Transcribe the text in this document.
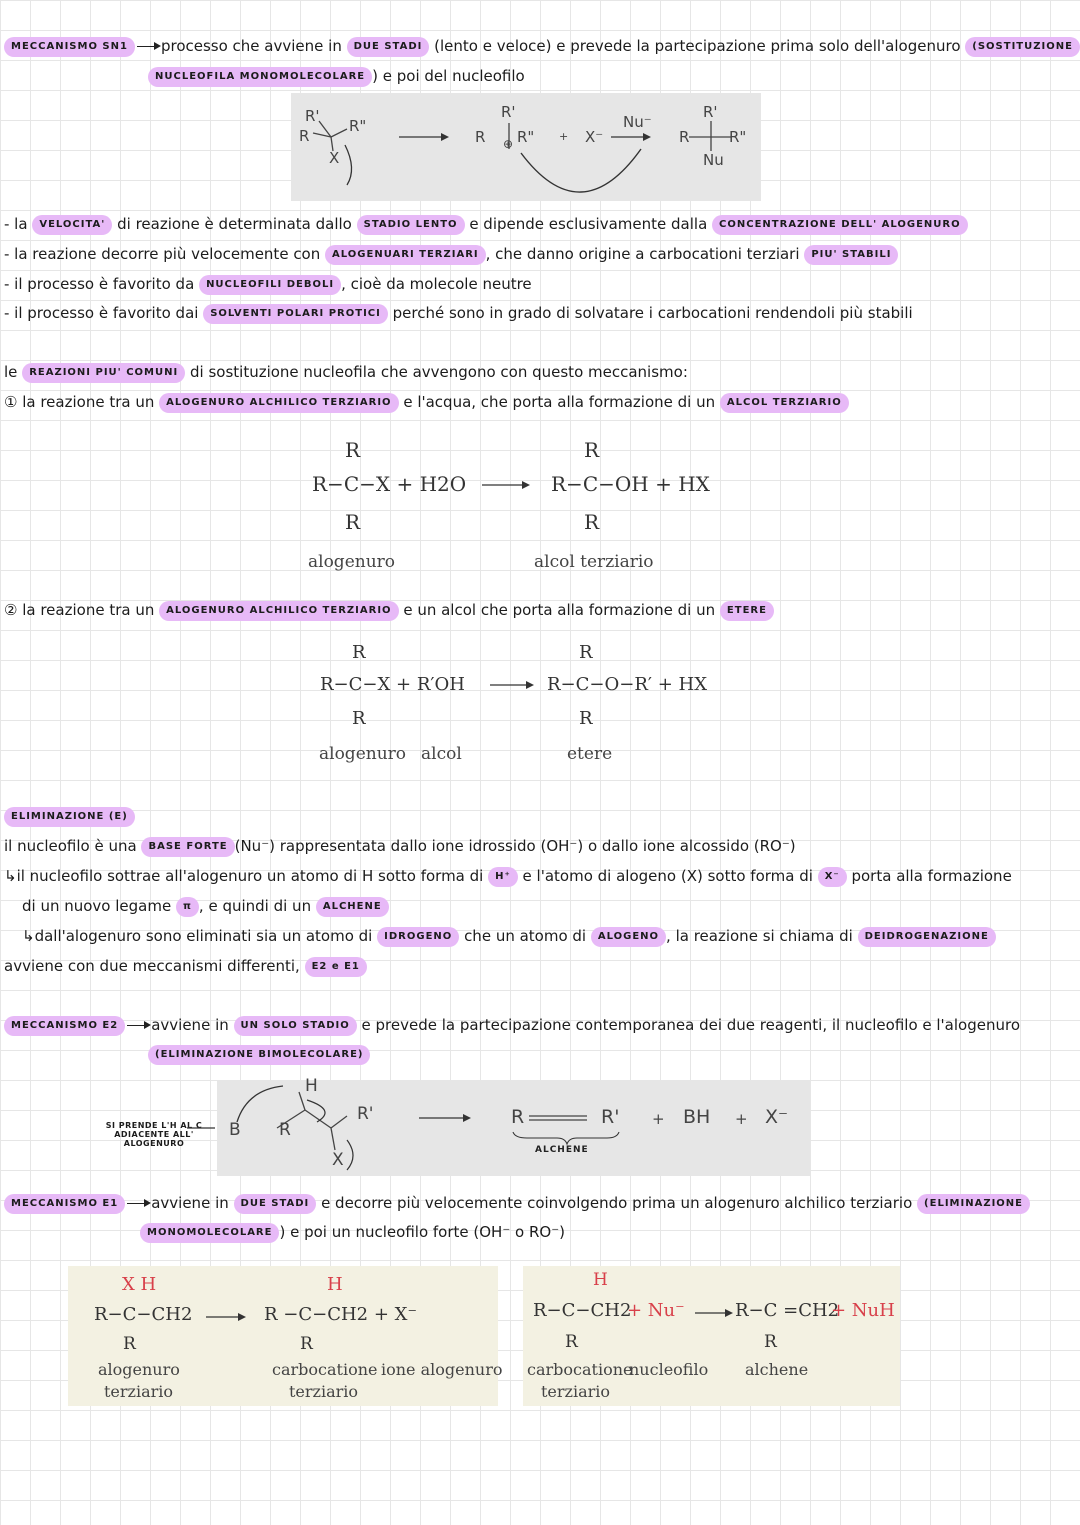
MECCANISMO SN1 processo che avviene in DUE STADI (lento e veloce) e prevede la partecipazione prima solo dell'alogenuro (SOSTITUZIONE
NUCLEOFILA MONOMOLECOLARE ) e poi del nucleofilo
R'
R
R"
X
R'
R R"
⊕
+ X⁻
Nu⁻
R'
R	R"
Nu
- la VELOCITA' di reazione è determinata dallo STADIO LENTO e dipende esclusivamente dalla CONCENTRAZIONE DELL' ALOGENURO
- la reazione decorre più velocemente con ALOGENUARI TERZIARI , che danno origine a carbocationi terziari PIU' STABILI
- il processo è favorito da NUCLEOFILI DEBOLI , cioè da molecole neutre
- il processo è favorito dai SOLVENTI POLARI PROTICI perché sono in grado di solvatare i carbocationi rendendoli più stabili
le REAZIONI PIU' COMUNI di sostituzione nucleofila che avvengono con questo meccanismo:
① la reazione tra un ALOGENURO ALCHILICO TERZIARIO e l'acqua, che porta alla formazione di un ALCOL TERZIARIO
R
R−C−X + H2O
R
R
R−C−OH + HX
R
alogenuro	alcol terziario
② la reazione tra un ALOGENURO ALCHILICO TERZIARIO e un alcol che porta alla formazione di un ETERE
R
R−C−X + R′OH
R
R
R−C−O−R′ + HX
R
alogenuro alcol	etere
ELIMINAZIONE (E)
il nucleofilo è una BASE FORTE (Nu⁻) rappresentata dallo ione idrossido (OH⁻) o dallo ione alcossido (RO⁻)
↳il nucleofilo sottrae all'alogenuro un atomo di H sotto forma di H⁺ e l'atomo di alogeno (X) sotto forma di X⁻ porta alla formazione
di un nuovo legame π , e quindi di un ALCHENE
↳dall'alogenuro sono eliminati sia un atomo di IDROGENO che un atomo di ALOGENO , la reazione si chiama di DEIDROGENAZIONE
avviene con due meccanismi differenti, E2 e E1
MECCANISMO E2 avviene in UN SOLO STADIO e prevede la partecipazione contemporanea dei due reagenti, il nucleofilo e l'alogenuro
(ELIMINAZIONE BIMOLECOLARE)
SI PRENDE L'H AL C ADIACENTE ALL' ALOGENURO
B R
H
R'
X
R	R' + BH + X⁻
ALCHENE
MECCANISMO E1 avviene in DUE STADI e decorre più velocemente coinvolgendo prima un alogenuro alchilico terziario (ELIMINAZIONE
MONOMOLECOLARE ) e poi un nucleofilo forte (OH⁻ o RO⁻)
X H
R−C−CH2
R
H
R −C−CH2 + X⁻
R
alogenuro
terziario
carbocatione
terziario
ione alogenuro
H
R−C−CH2
+ Nu⁻	R−C =CH2
+ NuH
R	R
carbocatione
terziario
nucleofilo alchene
